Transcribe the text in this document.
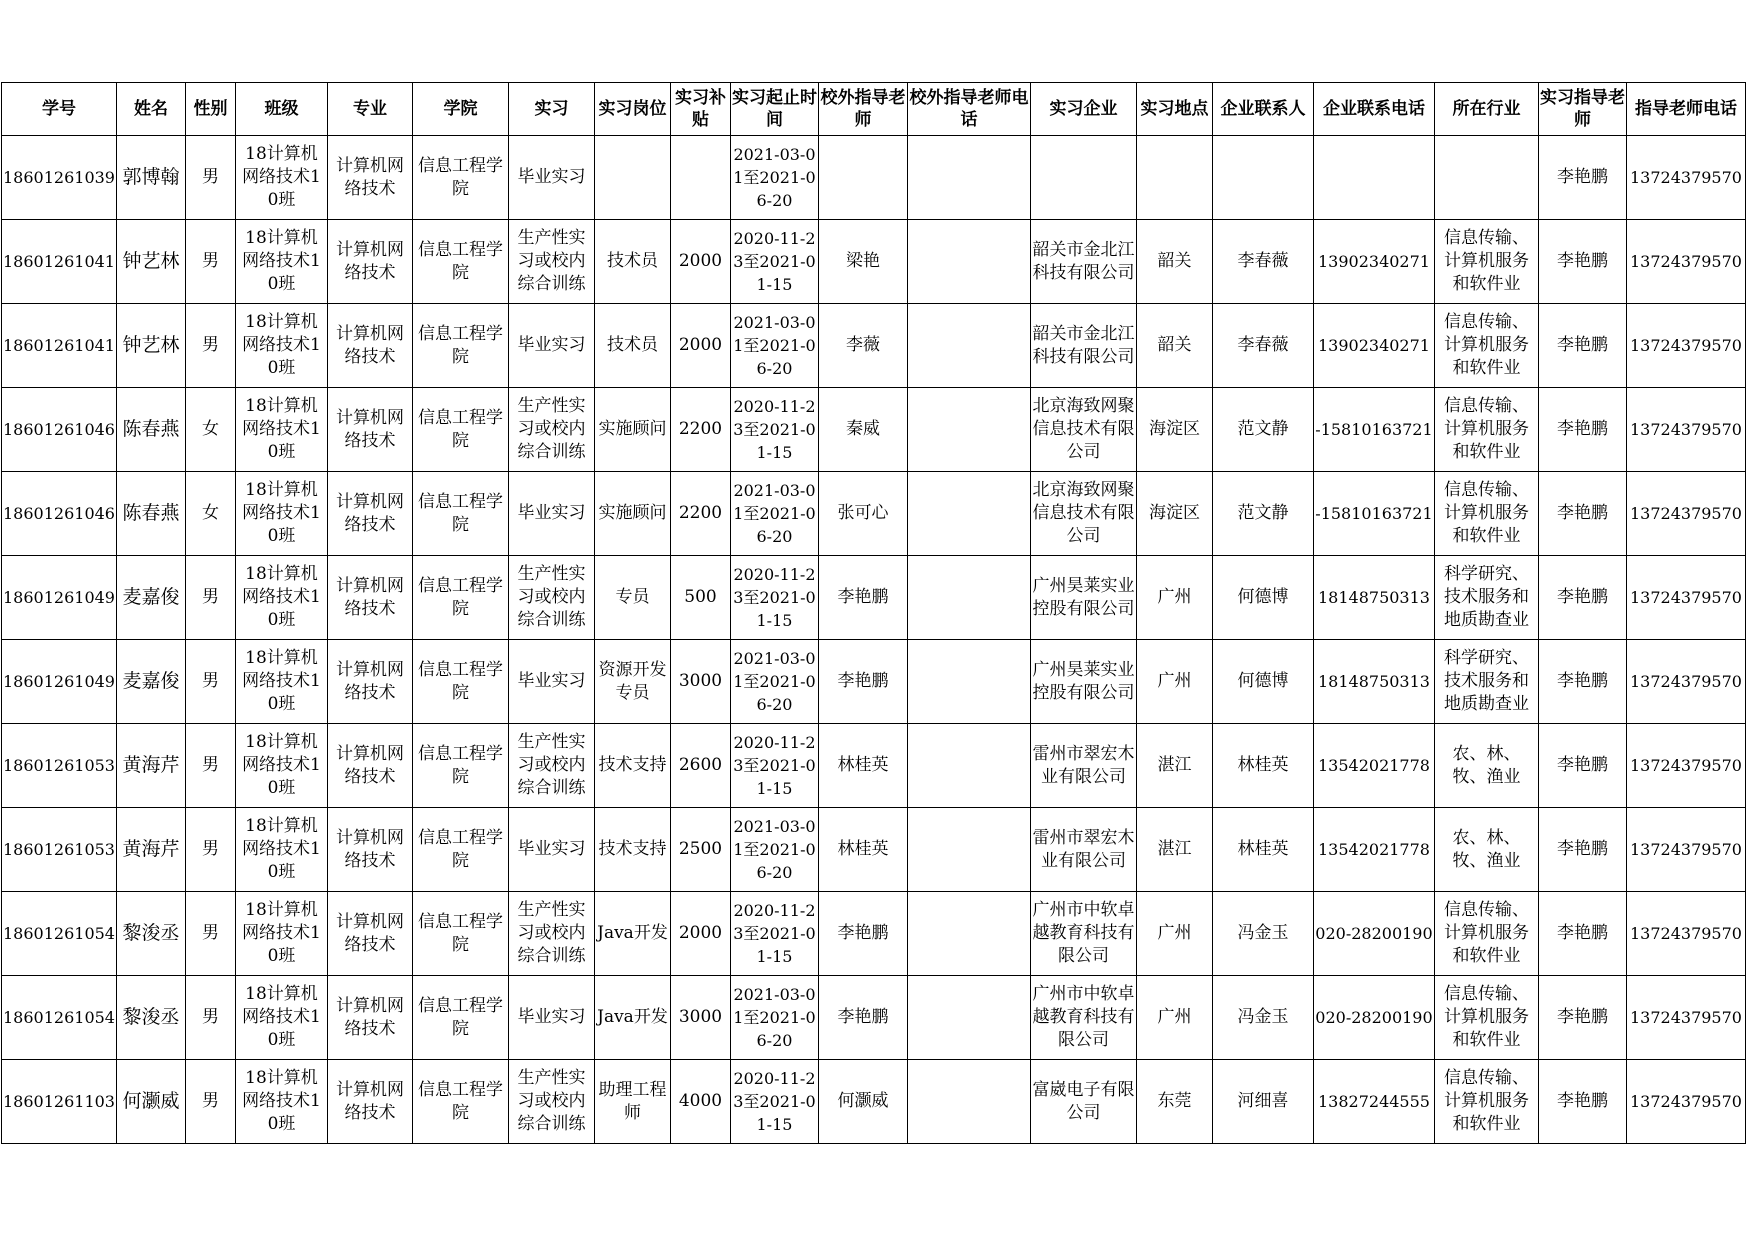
学号	姓名	性别	班级	专业	学院	实习	实习岗位	实习补贴	实习起止时间	校外指导老师	校外指导老师电话	实习企业	实习地点	企业联系人	企业联系电话	所在行业	实习指导老师	指导老师电话

18601261039	郭博翰	男	18计算机网络技术10班	计算机网络技术	信息工程学院	毕业实习			2021-03-01至2021-06-20								李艳鹏	13724379570

18601261041	钟艺林	男	18计算机网络技术10班	计算机网络技术	信息工程学院	生产性实习或校内综合训练	技术员	2000	2020-11-23至2021-01-15	梁艳		韶关市金北江科技有限公司	韶关	李春薇	13902340271	信息传输、计算机服务和软件业	李艳鹏	13724379570

18601261041	钟艺林	男	18计算机网络技术10班	计算机网络技术	信息工程学院	毕业实习	技术员	2000	2021-03-01至2021-06-20	李薇		韶关市金北江科技有限公司	韶关	李春薇	13902340271	信息传输、计算机服务和软件业	李艳鹏	13724379570

18601261046	陈春燕	女	18计算机网络技术10班	计算机网络技术	信息工程学院	生产性实习或校内综合训练	实施顾问	2200	2020-11-23至2021-01-15	秦威		北京海致网聚信息技术有限公司	海淀区	范文静	-15810163721	信息传输、计算机服务和软件业	李艳鹏	13724379570

18601261046	陈春燕	女	18计算机网络技术10班	计算机网络技术	信息工程学院	毕业实习	实施顾问	2200	2021-03-01至2021-06-20	张可心		北京海致网聚信息技术有限公司	海淀区	范文静	-15810163721	信息传输、计算机服务和软件业	李艳鹏	13724379570

18601261049	麦嘉俊	男	18计算机网络技术10班	计算机网络技术	信息工程学院	生产性实习或校内综合训练	专员	500	2020-11-23至2021-01-15	李艳鹏		广州昊莱实业控股有限公司	广州	何德博	18148750313	科学研究、技术服务和地质勘查业	李艳鹏	13724379570

18601261049	麦嘉俊	男	18计算机网络技术10班	计算机网络技术	信息工程学院	毕业实习	资源开发专员	3000	2021-03-01至2021-06-20	李艳鹏		广州昊莱实业控股有限公司	广州	何德博	18148750313	科学研究、技术服务和地质勘查业	李艳鹏	13724379570

18601261053	黄海芹	男	18计算机网络技术10班	计算机网络技术	信息工程学院	生产性实习或校内综合训练	技术支持	2600	2020-11-23至2021-01-15	林桂英		雷州市翠宏木业有限公司	湛江	林桂英	13542021778	农、林、牧、渔业	李艳鹏	13724379570

18601261053	黄海芹	男	18计算机网络技术10班	计算机网络技术	信息工程学院	毕业实习	技术支持	2500	2021-03-01至2021-06-20	林桂英		雷州市翠宏木业有限公司	湛江	林桂英	13542021778	农、林、牧、渔业	李艳鹏	13724379570

18601261054	黎浚丞	男	18计算机网络技术10班	计算机网络技术	信息工程学院	生产性实习或校内综合训练	Java开发	2000	2020-11-23至2021-01-15	李艳鹏		广州市中软卓越教育科技有限公司	广州	冯金玉	020-28200190	信息传输、计算机服务和软件业	李艳鹏	13724379570

18601261054	黎浚丞	男	18计算机网络技术10班	计算机网络技术	信息工程学院	毕业实习	Java开发	3000	2021-03-01至2021-06-20	李艳鹏		广州市中软卓越教育科技有限公司	广州	冯金玉	020-28200190	信息传输、计算机服务和软件业	李艳鹏	13724379570

18601261103	何灏威	男	18计算机网络技术10班	计算机网络技术	信息工程学院	生产性实习或校内综合训练	助理工程师	4000	2020-11-23至2021-01-15	何灏威		富崴电子有限公司	东莞	河细喜	13827244555	信息传输、计算机服务和软件业	李艳鹏	13724379570
